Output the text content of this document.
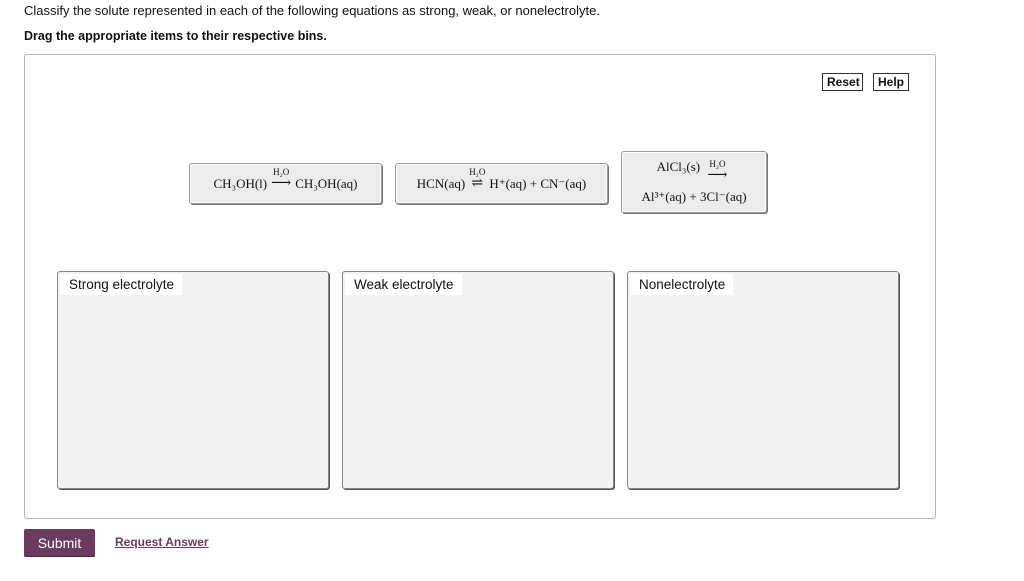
Classify the solute represented in each of the following equations as strong, weak, or nonelectrolyte.
Drag the appropriate items to their respective bins.
Reset	Help
CH₃OH(l)
H₂O
⟶ CH₃OH(aq)	HCN(aq)
H₂O
⇌ H⁺(aq) + CN⁻(aq)
AlCl₃(s) H₂O
⟶
Al³⁺(aq) + 3Cl⁻(aq)
Strong electrolyte	Weak electrolyte	Nonelectrolyte
Submit	Request Answer
